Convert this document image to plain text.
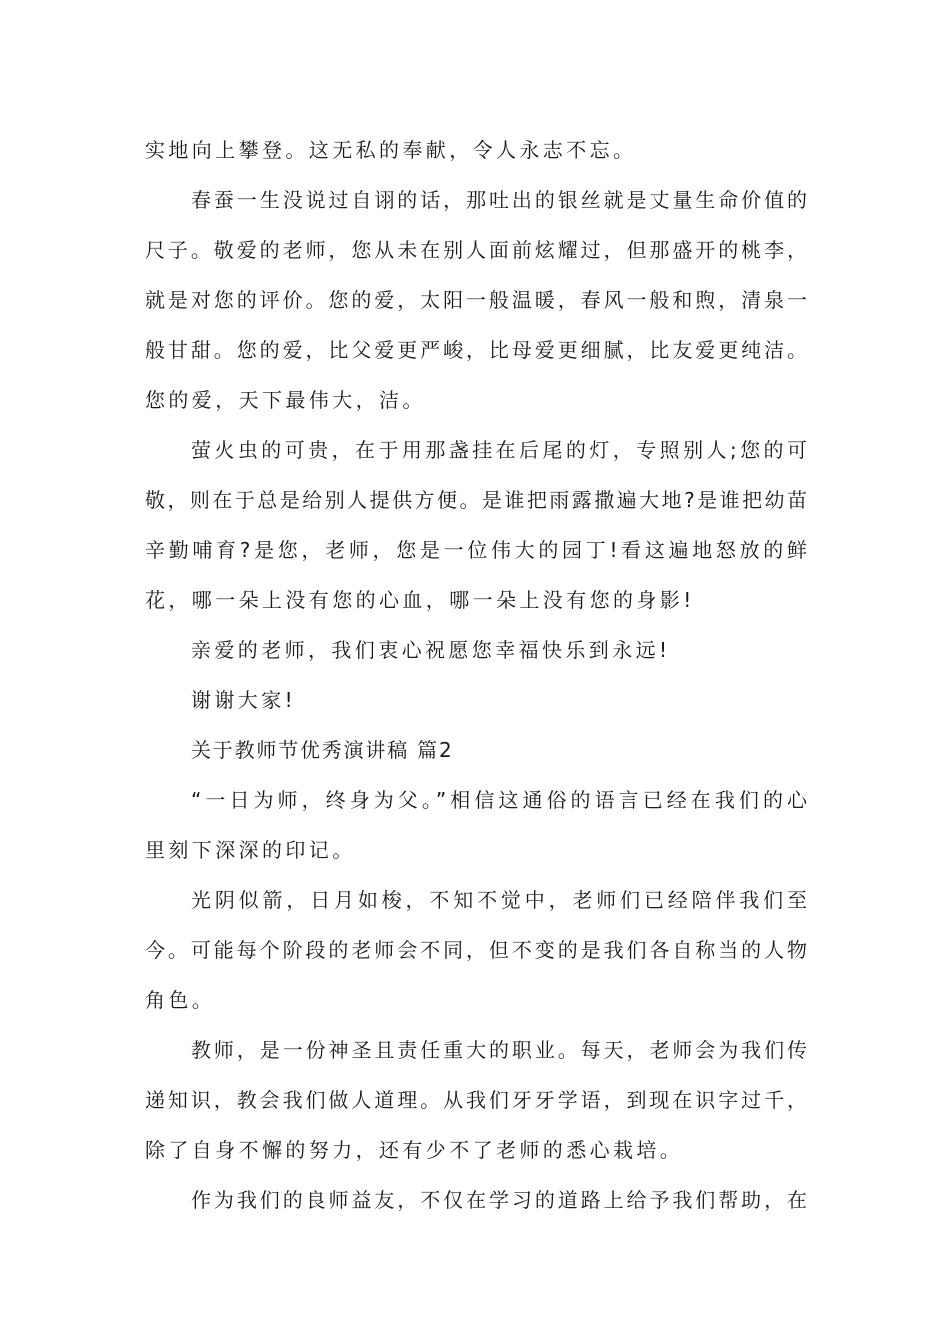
实地向上攀登。这无私的奉献，令人永志不忘。
春蚕一生没说过自诩的话，那吐出的银丝就是丈量生命价值的
尺子。敬爱的老师，您从未在别人面前炫耀过，但那盛开的桃李，
就是对您的评价。您的爱，太阳一般温暖，春风一般和煦，清泉一
般甘甜。您的爱，比父爱更严峻，比母爱更细腻，比友爱更纯洁。
您的爱，天下最伟大，洁。
萤火虫的可贵，在于用那盏挂在后尾的灯，专照别人;您的可
敬，则在于总是给别人提供方便。是谁把雨露撒遍大地?是谁把幼苗
辛勤哺育?是您，老师，您是一位伟大的园丁!看这遍地怒放的鲜
花，哪一朵上没有您的心血，哪一朵上没有您的身影!
亲爱的老师，我们衷心祝愿您幸福快乐到永远!
谢谢大家!
关于教师节优秀演讲稿 篇2
“一日为师，终身为父。”相信这通俗的语言已经在我们的心
里刻下深深的印记。
光阴似箭，日月如梭，不知不觉中，老师们已经陪伴我们至
今。可能每个阶段的老师会不同，但不变的是我们各自称当的人物
角色。
教师，是一份神圣且责任重大的职业。每天，老师会为我们传
递知识，教会我们做人道理。从我们牙牙学语，到现在识字过千，
除了自身不懈的努力，还有少不了老师的悉心栽培。
作为我们的良师益友，不仅在学习的道路上给予我们帮助，在
